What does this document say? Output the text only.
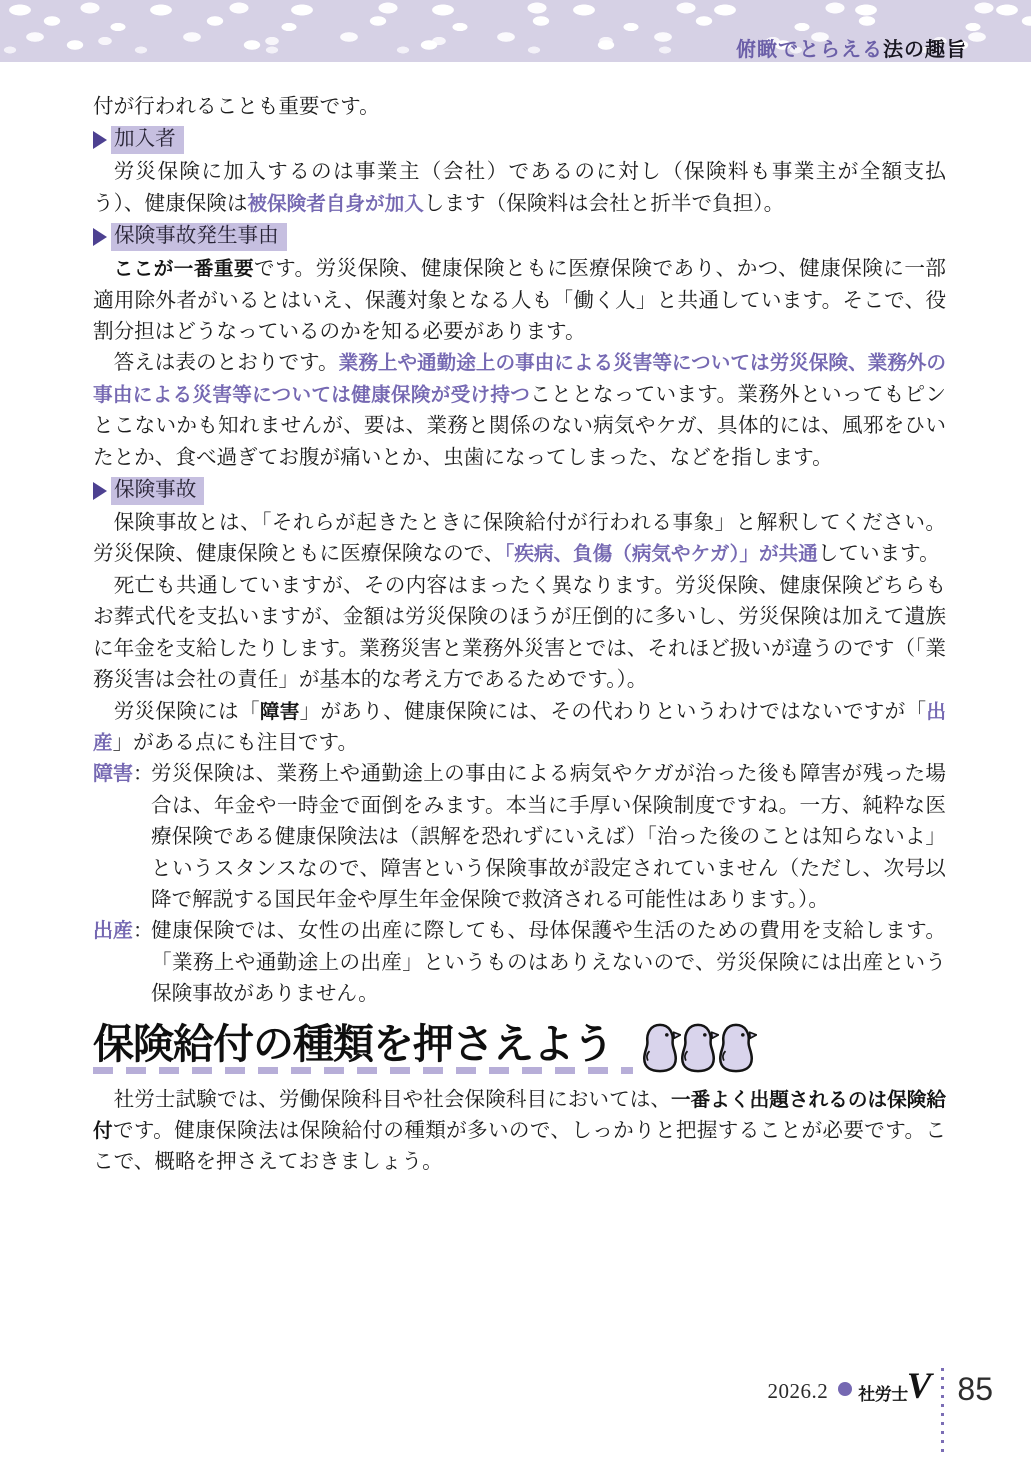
俯瞰でとらえる法の趣旨

付が行われることも重要です。

加入者

労災保険に加入するのは事業主（会社）であるのに対し（保険料も事業主が全額支払う）、健康保険は被保険者自身が加入します（保険料は会社と折半で負担）。

保険事故発生事由

ここが一番重要です。労災保険、健康保険ともに医療保険であり、かつ、健康保険に一部適用除外者がいるとはいえ、保護対象となる人も「働く人」と共通しています。そこで、役割分担はどうなっているのかを知る必要があります。

答えは表のとおりです。業務上や通勤途上の事由による災害等については労災保険、業務外の事由による災害等については健康保険が受け持つこととなっています。業務外といってもピンとこないかも知れませんが、要は、業務と関係のない病気やケガ、具体的には、風邪をひいたとか、食べ過ぎてお腹が痛いとか、虫歯になってしまった、などを指します。

保険事故

保険事故とは、「それらが起きたときに保険給付が行われる事象」と解釈してください。労災保険、健康保険ともに医療保険なので、「疾病、負傷（病気やケガ）」が共通しています。

死亡も共通していますが、その内容はまったく異なります。労災保険、健康保険どちらもお葬式代を支払いますが、金額は労災保険のほうが圧倒的に多いし、労災保険は加えて遺族に年金を支給したりします。業務災害と業務外災害とでは、それほど扱いが違うのです（「業務災害は会社の責任」が基本的な考え方であるためです。）。

労災保険には「障害」があり、健康保険には、その代わりというわけではないですが「出産」がある点にも注目です。

障害 ：
労災保険は、業務上や通勤途上の事由による病気やケガが治った後も障害が残った場合は、年金や一時金で面倒をみます。本当に手厚い保険制度ですね。一方、純粋な医療保険である健康保険法は（誤解を恐れずにいえば）「治った後のことは知らないよ」というスタンスなので、障害という保険事故が設定されていません（ただし、次号以降で解説する国民年金や厚生年金保険で救済される可能性はあります。）。
出産 ：
健康保険では、女性の出産に際しても、母体保護や生活のための費用を支給します。「業務上や通勤途上の出産」というものはありえないので、労災保険には出産という保険事故がありません。
保険給付の種類を押さえよう

社労士試験では、労働保険科目や社会保険科目においては、一番よく出題されるのは保険給付です。健康保険法は保険給付の種類が多いので、しっかりと把握することが必要です。ここで、概略を押さえておきましょう。

2026.2 社労士 V 85
